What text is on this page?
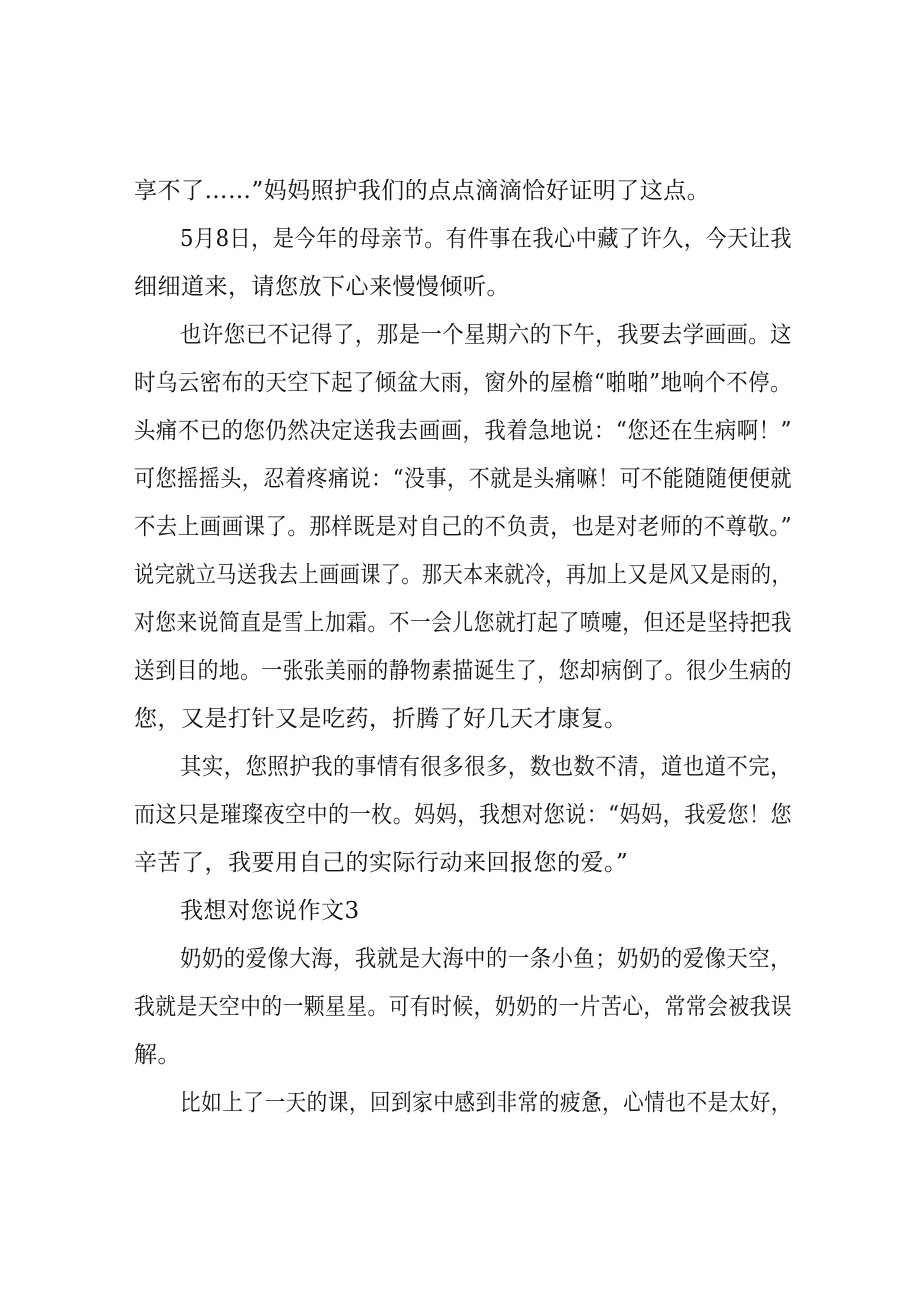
享不了……”妈妈照护我们的点点滴滴恰好证明了这点。
5月8日，是今年的母亲节。有件事在我心中藏了许久，今天让我
细细道来，请您放下心来慢慢倾听。
也许您已不记得了，那是一个星期六的下午，我要去学画画。这
时乌云密布的天空下起了倾盆大雨，窗外的屋檐“啪啪”地响个不停。
头痛不已的您仍然决定送我去画画，我着急地说：“您还在生病啊！”
可您摇摇头，忍着疼痛说：“没事，不就是头痛嘛！可不能随随便便就
不去上画画课了。那样既是对自己的不负责，也是对老师的不尊敬。”
说完就立马送我去上画画课了。那天本来就冷，再加上又是风又是雨的，
对您来说简直是雪上加霜。不一会儿您就打起了喷嚏，但还是坚持把我
送到目的地。一张张美丽的静物素描诞生了，您却病倒了。很少生病的
您，又是打针又是吃药，折腾了好几天才康复。
其实，您照护我的事情有很多很多，数也数不清，道也道不完，
而这只是璀璨夜空中的一枚。妈妈，我想对您说：“妈妈，我爱您！您
辛苦了，我要用自己的实际行动来回报您的爱。”
我想对您说作文3
奶奶的爱像大海，我就是大海中的一条小鱼；奶奶的爱像天空，
我就是天空中的一颗星星。可有时候，奶奶的一片苦心，常常会被我误
解。
比如上了一天的课，回到家中感到非常的疲惫，心情也不是太好，
